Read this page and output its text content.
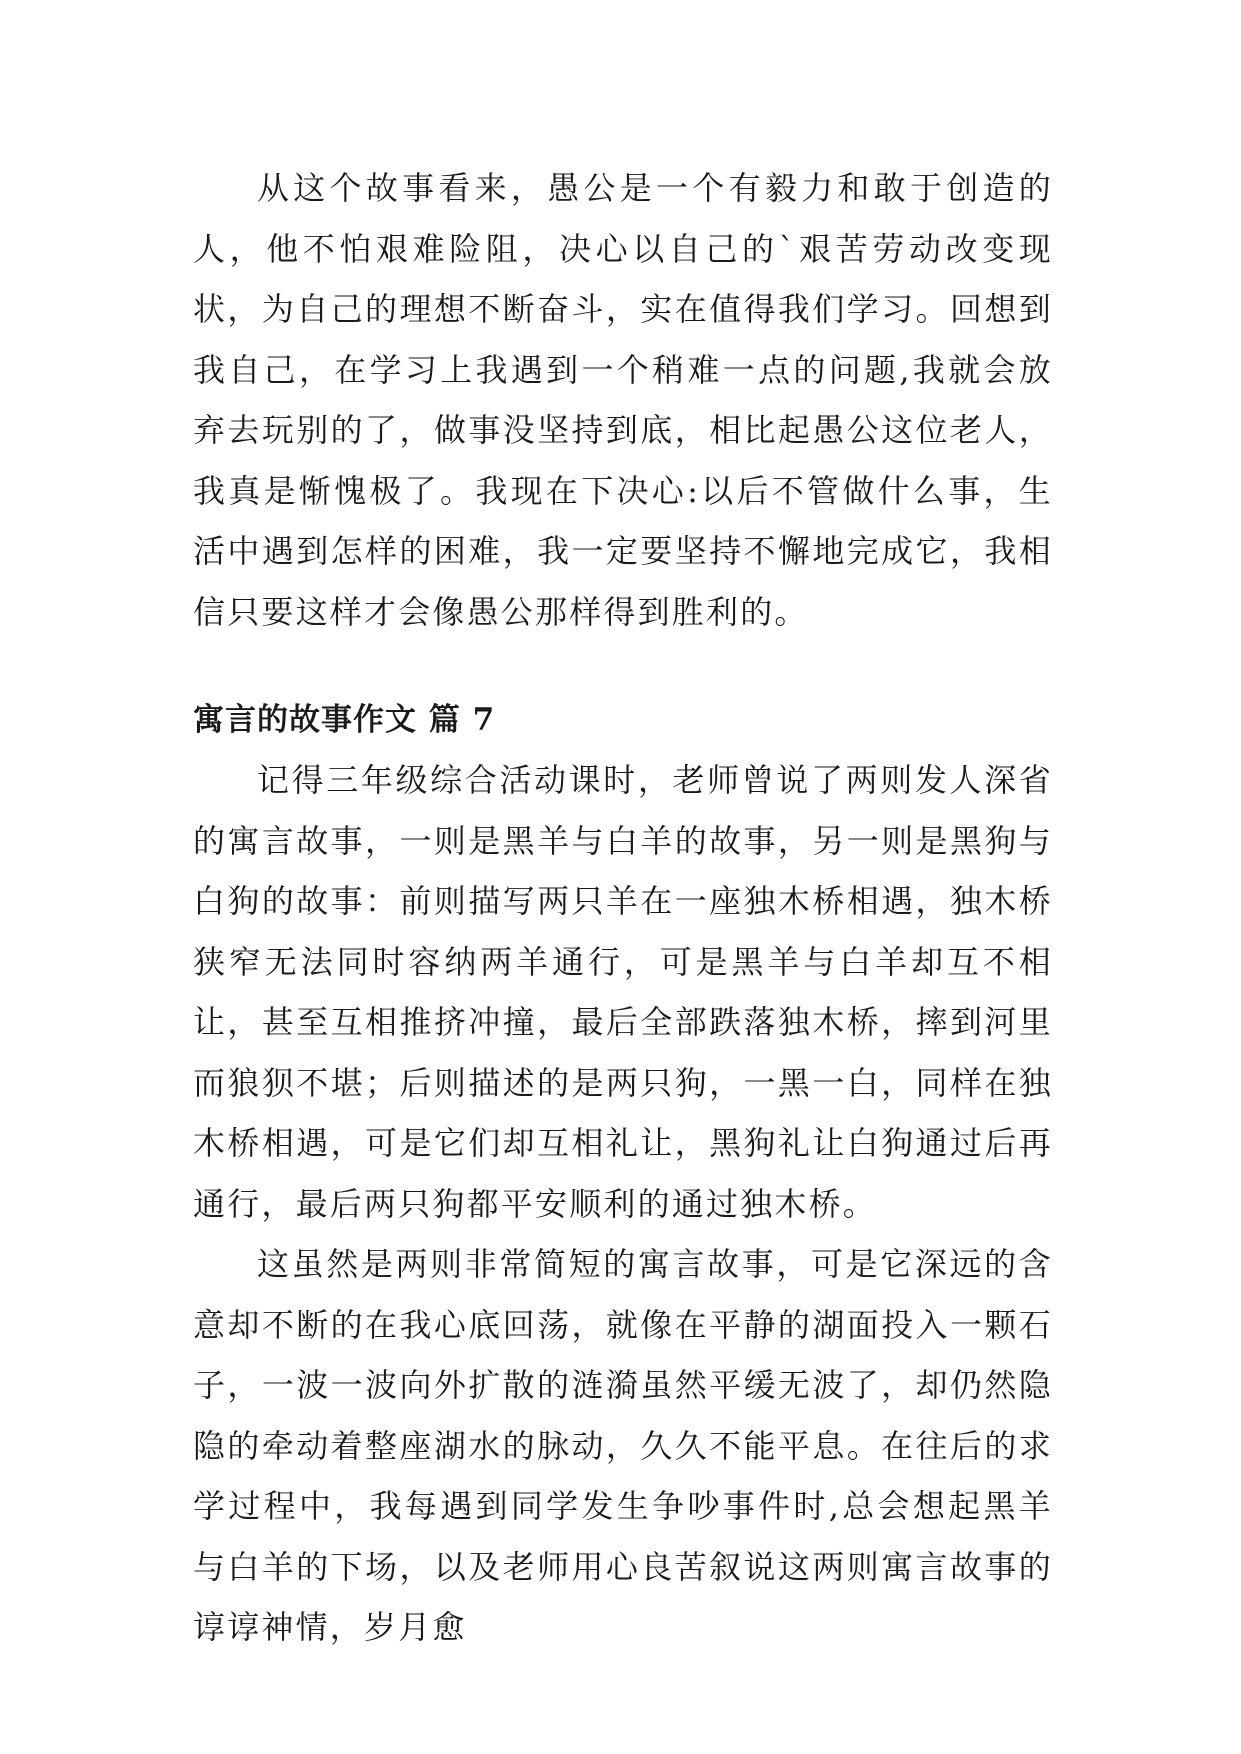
从这个故事看来，愚公是一个有毅力和敢于创造的人，他不怕艰难险阻，决心以自己的`艰苦劳动改变现状，为自己的理想不断奋斗，实在值得我们学习。回想到我自己，在学习上我遇到一个稍难一点的问题,我就会放弃去玩别的了，做事没坚持到底，相比起愚公这位老人，我真是惭愧极了。我现在下决心:以后不管做什么事，生活中遇到怎样的困难，我一定要坚持不懈地完成它，我相信只要这样才会像愚公那样得到胜利的。

寓言的故事作文 篇 7

记得三年级综合活动课时，老师曾说了两则发人深省的寓言故事，一则是黑羊与白羊的故事，另一则是黑狗与白狗的故事：前则描写两只羊在一座独木桥相遇，独木桥狭窄无法同时容纳两羊通行，可是黑羊与白羊却互不相让，甚至互相推挤冲撞，最后全部跌落独木桥，摔到河里而狼狈不堪；后则描述的是两只狗，一黑一白，同样在独木桥相遇，可是它们却互相礼让，黑狗礼让白狗通过后再通行，最后两只狗都平安顺利的通过独木桥。

这虽然是两则非常简短的寓言故事，可是它深远的含意却不断的在我心底回荡，就像在平静的湖面投入一颗石子，一波一波向外扩散的涟漪虽然平缓无波了，却仍然隐隐的牵动着整座湖水的脉动，久久不能平息。在往后的求学过程中，我每遇到同学发生争吵事件时,总会想起黑羊与白羊的下场，以及老师用心良苦叙说这两则寓言故事的谆谆神情，岁月愈
